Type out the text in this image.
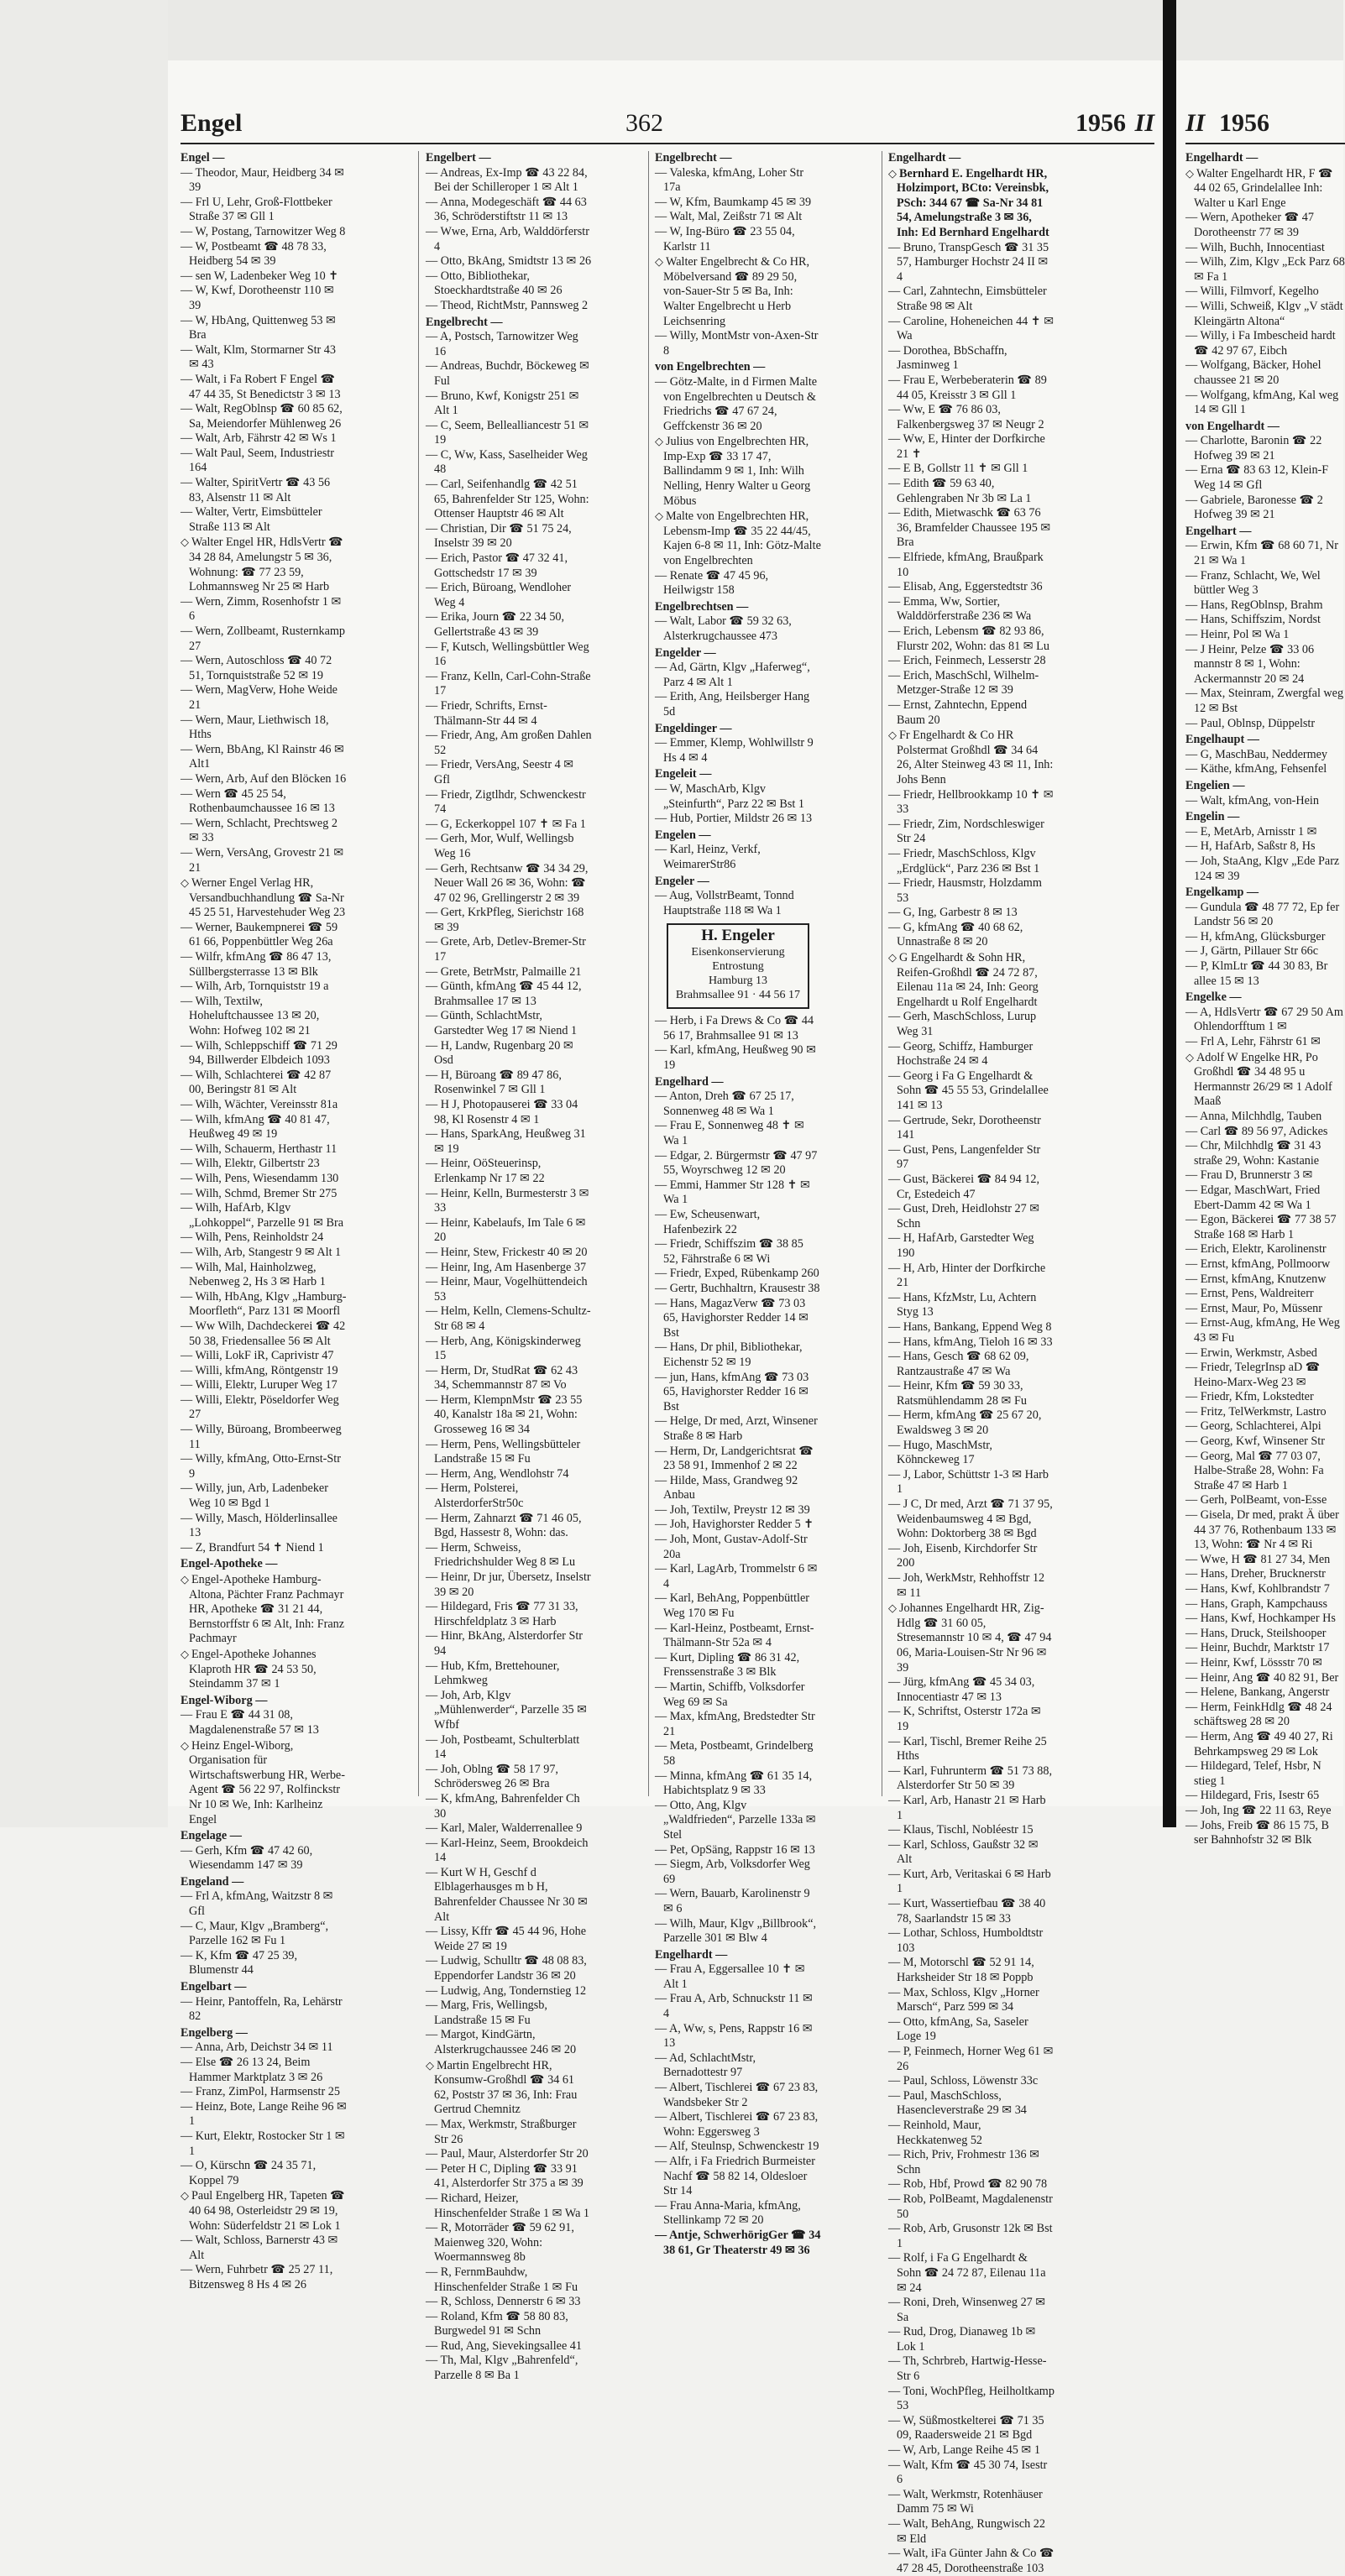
Engel	362	1956 II II 1956
Engel —
— Theodor, Maur, Heidberg 34 ✉ 39
— Frl U, Lehr, Groß-Flottbeker Straße 37 ✉ Gll 1
— W, Postang, Tarnowitzer Weg 8
— W, Postbeamt ☎ 48 78 33, Heidberg 54 ✉ 39
— sen W, Ladenbeker Weg 10 ✝
— W, Kwf, Dorotheenstr 110 ✉ 39
— W, HbAng, Quittenweg 53 ✉ Bra
— Walt, Klm, Stormarner Str 43 ✉ 43
— Walt, i Fa Robert F Engel ☎ 47 44 35, St Benedictstr 3 ✉ 13
— Walt, RegOblnsp ☎ 60 85 62, Sa, Meiendorfer Mühlenweg 26
— Walt, Arb, Fährstr 42 ✉ Ws 1
— Walt Paul, Seem, Industriestr 164
— Walter, SpiritVertr ☎ 43 56 83, Alsenstr 11 ✉ Alt
— Walter, Vertr, Eimsbütteler Straße 113 ✉ Alt
◇ Walter Engel HR, HdlsVertr ☎ 34 28 84, Amelungstr 5 ✉ 36, Wohnung: ☎ 77 23 59, Lohmannsweg Nr 25 ✉ Harb
— Wern, Zimm, Rosenhofstr 1 ✉ 6
— Wern, Zollbeamt, Rusternkamp 27
— Wern, Autoschloss ☎ 40 72 51, Tornquiststraße 52 ✉ 19
— Wern, MagVerw, Hohe Weide 21
— Wern, Maur, Liethwisch 18, Hths
— Wern, BbAng, Kl Rainstr 46 ✉ Alt1
— Wern, Arb, Auf den Blöcken 16
— Wern ☎ 45 25 54, Rothenbaumchaussee 16 ✉ 13
— Wern, Schlacht, Prechtsweg 2 ✉ 33
— Wern, VersAng, Grovestr 21 ✉ 21
◇ Werner Engel Verlag HR, Versandbuchhandlung ☎ Sa-Nr 45 25 51, Harvestehuder Weg 23
— Werner, Baukempnerei ☎ 59 61 66, Poppenbüttler Weg 26a
— Wilfr, kfmAng ☎ 86 47 13, Süllbergsterrasse 13 ✉ Blk
— Wilh, Arb, Tornquiststr 19 a
— Wilh, Textilw, Hoheluftchaussee 13 ✉ 20, Wohn: Hofweg 102 ✉ 21
— Wilh, Schleppschiff ☎ 71 29 94, Billwerder Elbdeich 1093
— Wilh, Schlachterei ☎ 42 87 00, Beringstr 81 ✉ Alt
— Wilh, Wächter, Vereinsstr 81a
— Wilh, kfmAng ☎ 40 81 47, Heußweg 49 ✉ 19
— Wilh, Schauerm, Herthastr 11
— Wilh, Elektr, Gilbertstr 23
— Wilh, Pens, Wiesendamm 130
— Wilh, Schmd, Bremer Str 275
— Wilh, HafArb, Klgv „Lohkoppel“, Parzelle 91 ✉ Bra
— Wilh, Pens, Reinholdstr 24
— Wilh, Arb, Stangestr 9 ✉ Alt 1
— Wilh, Mal, Hainholzweg, Nebenweg 2, Hs 3 ✉ Harb 1
— Wilh, HbAng, Klgv „Hamburg-Moorfleth“, Parz 131 ✉ Moorfl
— Ww Wilh, Dachdeckerei ☎ 42 50 38, Friedensallee 56 ✉ Alt
— Willi, LokF iR, Caprivistr 47
— Willi, kfmAng, Röntgenstr 19
— Willi, Elektr, Luruper Weg 17
— Willi, Elektr, Pöseldorfer Weg 27
— Willy, Büroang, Brombeerweg 11
— Willy, kfmAng, Otto-Ernst-Str 9
— Willy, jun, Arb, Ladenbeker Weg 10 ✉ Bgd 1
— Willy, Masch, Hölderlinsallee 13
— Z, Brandfurt 54 ✝ Niend 1
Engel-Apotheke —
◇ Engel-Apotheke Hamburg-Altona, Pächter Franz Pachmayr HR, Apotheke ☎ 31 21 44, Bernstorffstr 6 ✉ Alt, Inh: Franz Pachmayr
◇ Engel-Apotheke Johannes Klaproth HR ☎ 24 53 50, Steindamm 37 ✉ 1
Engel-Wiborg —
— Frau E ☎ 44 31 08, Magdalenenstraße 57 ✉ 13
◇ Heinz Engel-Wiborg, Organisation für Wirtschaftswerbung HR, Werbe-Agent ☎ 56 22 97, Rolfinckstr Nr 10 ✉ We, Inh: Karlheinz Engel
Engelage —
— Gerh, Kfm ☎ 47 42 60, Wiesendamm 147 ✉ 39
Engeland —
— Frl A, kfmAng, Waitzstr 8 ✉ Gfl
— C, Maur, Klgv „Bramberg“, Parzelle 162 ✉ Fu 1
— K, Kfm ☎ 47 25 39, Blumenstr 44
Engelbart —
— Heinr, Pantoffeln, Ra, Lehärstr 82
Engelberg —
— Anna, Arb, Deichstr 34 ✉ 11
— Else ☎ 26 13 24, Beim Hammer Marktplatz 3 ✉ 26
— Franz, ZimPol, Harmsenstr 25
— Heinz, Bote, Lange Reihe 96 ✉ 1
— Kurt, Elektr, Rostocker Str 1 ✉ 1
— O, Kürschn ☎ 24 35 71, Koppel 79
◇ Paul Engelberg HR, Tapeten ☎ 40 64 98, Osterleidstr 29 ✉ 19, Wohn: Süderfeldstr 21 ✉ Lok 1
— Walt, Schloss, Barnerstr 43 ✉ Alt
— Wern, Fuhrbetr ☎ 25 27 11, Bitzensweg 8 Hs 4 ✉ 26
Engelbert —
— Andreas, Ex-Imp ☎ 43 22 84, Bei der Schilleroper 1 ✉ Alt 1
— Anna, Modegeschäft ☎ 44 63 36, Schröderstiftstr 11 ✉ 13
— Wwe, Erna, Arb, Walddörferstr 4
— Otto, BkAng, Smidtstr 13 ✉ 26
— Otto, Bibliothekar, Stoeckhardtstraße 40 ✉ 26
— Theod, RichtMstr, Pannsweg 2
Engelbrecht —
— A, Postsch, Tarnowitzer Weg 16
— Andreas, Buchdr, Böckeweg ✉ Ful
— Bruno, Kwf, Konigstr 251 ✉ Alt 1
— C, Seem, Bellealliancestr 51 ✉ 19
— C, Ww, Kass, Saselheider Weg 48
— Carl, Seifenhandlg ☎ 42 51 65, Bahrenfelder Str 125, Wohn: Ottenser Hauptstr 46 ✉ Alt
— Christian, Dir ☎ 51 75 24, Inselstr 39 ✉ 20
— Erich, Pastor ☎ 47 32 41, Gottschedstr 17 ✉ 39
— Erich, Büroang, Wendloher Weg 4
— Erika, Journ ☎ 22 34 50, Gellertstraße 43 ✉ 39
— F, Kutsch, Wellingsbüttler Weg 16
— Franz, Kelln, Carl-Cohn-Straße 17
— Friedr, Schrifts, Ernst-Thälmann-Str 44 ✉ 4
— Friedr, Ang, Am großen Dahlen 52
— Friedr, VersAng, Seestr 4 ✉ Gfl
— Friedr, Zigtlhdr, Schwenckestr 74
— G, Eckerkoppel 107 ✝ ✉ Fa 1
— Gerh, Mor, Wulf, Wellingsb Weg 16
— Gerh, Rechtsanw ☎ 34 34 29, Neuer Wall 26 ✉ 36, Wohn: ☎ 47 02 96, Grellingerstr 2 ✉ 39
— Gert, KrkPfleg, Sierichstr 168 ✉ 39
— Grete, Arb, Detlev-Bremer-Str 17
— Grete, BetrMstr, Palmaille 21
— Günth, kfmAng ☎ 45 44 12, Brahmsallee 17 ✉ 13
— Günth, SchlachtMstr, Garstedter Weg 17 ✉ Niend 1
— H, Landw, Rugenbarg 20 ✉ Osd
— H, Büroang ☎ 89 47 86, Rosenwinkel 7 ✉ Gll 1
— H J, Photopauserei ☎ 33 04 98, Kl Rosenstr 4 ✉ 1
— Hans, SparkAng, Heußweg 31 ✉ 19
— Heinr, OöSteuerinsp, Erlenkamp Nr 17 ✉ 22
— Heinr, Kelln, Burmesterstr 3 ✉ 33
— Heinr, Kabelaufs, Im Tale 6 ✉ 20
— Heinr, Stew, Frickestr 40 ✉ 20
— Heinr, Ing, Am Hasenberge 37
— Heinr, Maur, Vogelhüttendeich 53
— Helm, Kelln, Clemens-Schultz-Str 68 ✉ 4
— Herb, Ang, Königskinderweg 15
— Herm, Dr, StudRat ☎ 62 43 34, Schemmannstr 87 ✉ Vo
— Herm, KlempnMstr ☎ 23 55 40, Kanalstr 18a ✉ 21, Wohn: Grosseweg 16 ✉ 34
— Herm, Pens, Wellingsbütteler Landstraße 15 ✉ Fu
— Herm, Ang, Wendlohstr 74
— Herm, Polsterei, AlsterdorferStr50c
— Herm, Zahnarzt ☎ 71 46 05, Bgd, Hassestr 8, Wohn: das.
— Herm, Schweiss, Friedrichshulder Weg 8 ✉ Lu
— Heinr, Dr jur, Übersetz, Inselstr 39 ✉ 20
— Hildegard, Fris ☎ 77 31 33, Hirschfeldplatz 3 ✉ Harb
— Hinr, BkAng, Alsterdorfer Str 94
— Hub, Kfm, Brettehouner, Lehmkweg
— Joh, Arb, Klgv „Mühlenwerder“, Parzelle 35 ✉ Wfbf
— Joh, Postbeamt, Schulterblatt 14
— Joh, Oblng ☎ 58 17 97, Schrödersweg 26 ✉ Bra
— K, kfmAng, Bahrenfelder Ch 30
— Karl, Maler, Walderrenallee 9
— Karl-Heinz, Seem, Brookdeich 14
— Kurt W H, Geschf d Elblagerhausges m b H, Bahrenfelder Chaussee Nr 30 ✉ Alt
— Lissy, Kffr ☎ 45 44 96, Hohe Weide 27 ✉ 19
— Ludwig, Schulltr ☎ 48 08 83, Eppendorfer Landstr 36 ✉ 20
— Ludwig, Ang, Tondernstieg 12
— Marg, Fris, Wellingsb, Landstraße 15 ✉ Fu
— Margot, KindGärtn, Alsterkrugchaussee 246 ✉ 20
◇ Martin Engelbrecht HR, Konsumw-Großhdl ☎ 34 61 62, Poststr 37 ✉ 36, Inh: Frau Gertrud Chemnitz
— Max, Werkmstr, Straßburger Str 26
— Paul, Maur, Alsterdorfer Str 20
— Peter H C, Dipling ☎ 33 91 41, Alsterdorfer Str 375 a ✉ 39
— Richard, Heizer, Hinschenfelder Straße 1 ✉ Wa 1
— R, Motorräder ☎ 59 62 91, Maienweg 320, Wohn: Woermannsweg 8b
— R, FernmBauhdw, Hinschenfelder Straße 1 ✉ Fu
— R, Schloss, Dennerstr 6 ✉ 33
— Roland, Kfm ☎ 58 80 83, Burgwedel 91 ✉ Schn
— Rud, Ang, Sievekingsallee 41
— Th, Mal, Klgv „Bahrenfeld“, Parzelle 8 ✉ Ba 1
Engelbrecht —
— Valeska, kfmAng, Loher Str 17a
— W, Kfm, Baumkamp 45 ✉ 39
— Walt, Mal, Zeißstr 71 ✉ Alt
— W, Ing-Büro ☎ 23 55 04, Karlstr 11
◇ Walter Engelbrecht & Co HR, Möbelversand ☎ 89 29 50, von-Sauer-Str 5 ✉ Ba, Inh: Walter Engelbrecht u Herb Leichsenring
— Willy, MontMstr von-Axen-Str 8
von Engelbrechten —
— Götz-Malte, in d Firmen Malte von Engelbrechten u Deutsch & Friedrichs ☎ 47 67 24, Geffckenstr 36 ✉ 20
◇ Julius von Engelbrechten HR, Imp-Exp ☎ 33 17 47, Ballindamm 9 ✉ 1, Inh: Wilh Nelling, Henry Walter u Georg Möbus
◇ Malte von Engelbrechten HR, Lebensm-Imp ☎ 35 22 44/45, Kajen 6-8 ✉ 11, Inh: Götz-Malte von Engelbrechten
— Renate ☎ 47 45 96, Heilwigstr 158
Engelbrechtsen —
— Walt, Labor ☎ 59 32 63, Alsterkrugchaussee 473
Engelder —
— Ad, Gärtn, Klgv „Haferweg“, Parz 4 ✉ Alt 1
— Erith, Ang, Heilsberger Hang 5d
Engeldinger —
— Emmer, Klemp, Wohlwillstr 9 Hs 4 ✉ 4
Engeleit —
— W, MaschArb, Klgv „Steinfurth“, Parz 22 ✉ Bst 1
— Hub, Portier, Mildstr 26 ✉ 13
Engelen —
— Karl, Heinz, Verkf, WeimarerStr86
Engeler —
— Aug, VollstrBeamt, Tonnd Hauptstraße 118 ✉ Wa 1
H. Engeler
Eisenkonservierung
Entrostung
Hamburg 13
Brahmsallee 91 · 44 56 17
— Herb, i Fa Drews & Co ☎ 44 56 17, Brahmsallee 91 ✉ 13
— Karl, kfmAng, Heußweg 90 ✉ 19
Engelhard —
— Anton, Dreh ☎ 67 25 17, Sonnenweg 48 ✉ Wa 1
— Frau E, Sonnenweg 48 ✝ ✉ Wa 1
— Edgar, 2. Bürgermstr ☎ 47 97 55, Woyrschweg 12 ✉ 20
— Emmi, Hammer Str 128 ✝ ✉ Wa 1
— Ew, Scheusenwart, Hafenbezirk 22
— Friedr, Schiffszim ☎ 38 85 52, Fährstraße 6 ✉ Wi
— Friedr, Exped, Rübenkamp 260
— Gertr, Buchhaltrn, Krausestr 38
— Hans, MagazVerw ☎ 73 03 65, Havighorster Redder 14 ✉ Bst
— Hans, Dr phil, Bibliothekar, Eichenstr 52 ✉ 19
— jun, Hans, kfmAng ☎ 73 03 65, Havighorster Redder 16 ✉ Bst
— Helge, Dr med, Arzt, Winsener Straße 8 ✉ Harb
— Herm, Dr, Landgerichtsrat ☎ 23 58 91, Immenhof 2 ✉ 22
— Hilde, Mass, Grandweg 92 Anbau
— Joh, Textilw, Preystr 12 ✉ 39
— Joh, Havighorster Redder 5 ✝
— Joh, Mont, Gustav-Adolf-Str 20a
— Karl, LagArb, Trommelstr 6 ✉ 4
— Karl, BehAng, Poppenbüttler Weg 170 ✉ Fu
— Karl-Heinz, Postbeamt, Ernst-Thälmann-Str 52a ✉ 4
— Kurt, Dipling ☎ 86 31 42, Frenssenstraße 3 ✉ Blk
— Martin, Schiffb, Volksdorfer Weg 69 ✉ Sa
— Max, kfmAng, Bredstedter Str 21
— Meta, Postbeamt, Grindelberg 58
— Minna, kfmAng ☎ 61 35 14, Habichtsplatz 9 ✉ 33
— Otto, Ang, Klgv „Waldfrieden“, Parzelle 133a ✉ Stel
— Pet, OpSäng, Rappstr 16 ✉ 13
— Siegm, Arb, Volksdorfer Weg 69
— Wern, Bauarb, Karolinenstr 9 ✉ 6
— Wilh, Maur, Klgv „Billbrook“, Parzelle 301 ✉ Blw 4
Engelhardt —
— Frau A, Eggersallee 10 ✝ ✉ Alt 1
— Frau A, Arb, Schnuckstr 11 ✉ 4
— A, Ww, s, Pens, Rappstr 16 ✉ 13
— Ad, SchlachtMstr, Bernadottestr 97
— Albert, Tischlerei ☎ 67 23 83, Wandsbeker Str 2
— Albert, Tischlerei ☎ 67 23 83, Wohn: Eggersweg 3
— Alf, Steulnsp, Schwenckestr 19
— Alfr, i Fa Friedrich Burmeister Nachf ☎ 58 82 14, Oldesloer Str 14
— Frau Anna-Maria, kfmAng, Stellinkamp 72 ✉ 20
— Antje, SchwerhörigGer ☎ 34 38 61, Gr Theaterstr 49 ✉ 36
Engelhardt —
◇ Bernhard E. Engelhardt HR, Holzimport, BCto: Vereinsbk, PSch: 344 67 ☎ Sa-Nr 34 81 54, Amelungstraße 3 ✉ 36, Inh: Ed Bernhard Engelhardt
— Bruno, TranspGesch ☎ 31 35 57, Hamburger Hochstr 24 II ✉ 4
— Carl, Zahntechn, Eimsbütteler Straße 98 ✉ Alt
— Caroline, Hoheneichen 44 ✝ ✉ Wa
— Dorothea, BbSchaffn, Jasminweg 1
— Frau E, Werbeberaterin ☎ 89 44 05, Kreisstr 3 ✉ Gll 1
— Ww, E ☎ 76 86 03, Falkenbergsweg 37 ✉ Neugr 2
— Ww, E, Hinter der Dorfkirche 21 ✝
— E B, Gollstr 11 ✝ ✉ Gll 1
— Edith ☎ 59 63 40, Gehlengraben Nr 3b ✉ La 1
— Edith, Mietwaschk ☎ 63 76 36, Bramfelder Chaussee 195 ✉ Bra
— Elfriede, kfmAng, Braußpark 10
— Elisab, Ang, Eggerstedtstr 36
— Emma, Ww, Sortier, Walddörferstraße 236 ✉ Wa
— Erich, Lebensm ☎ 82 93 86, Flurstr 202, Wohn: das 81 ✉ Lu
— Erich, Feinmech, Lesserstr 28
— Erich, MaschSchl, Wilhelm-Metzger-Straße 12 ✉ 39
— Ernst, Zahntechn, Eppend Baum 20
◇ Fr Engelhardt & Co HR Polstermat Großhdl ☎ 34 64 26, Alter Steinweg 43 ✉ 11, Inh: Johs Benn
— Friedr, Hellbrookkamp 10 ✝ ✉ 33
— Friedr, Zim, Nordschleswiger Str 24
— Friedr, MaschSchloss, Klgv „Erdglück“, Parz 236 ✉ Bst 1
— Friedr, Hausmstr, Holzdamm 53
— G, Ing, Garbestr 8 ✉ 13
— G, kfmAng ☎ 40 68 62, Unnastraße 8 ✉ 20
◇ G Engelhardt & Sohn HR, Reifen-Großhdl ☎ 24 72 87, Eilenau 11a ✉ 24, Inh: Georg Engelhardt u Rolf Engelhardt
— Gerh, MaschSchloss, Lurup Weg 31
— Georg, Schiffz, Hamburger Hochstraße 24 ✉ 4
— Georg i Fa G Engelhardt & Sohn ☎ 45 55 53, Grindelallee 141 ✉ 13
— Gertrude, Sekr, Dorotheenstr 141
— Gust, Pens, Langenfelder Str 97
— Gust, Bäckerei ☎ 84 94 12, Cr, Estedeich 47
— Gust, Dreh, Heidlohstr 27 ✉ Schn
— H, HafArb, Garstedter Weg 190
— H, Arb, Hinter der Dorfkirche 21
— Hans, KfzMstr, Lu, Achtern Styg 13
— Hans, Bankang, Eppend Weg 8
— Hans, kfmAng, Tieloh 16 ✉ 33
— Hans, Gesch ☎ 68 62 09, Rantzaustraße 47 ✉ Wa
— Heinr, Kfm ☎ 59 30 33, Ratsmühlendamm 28 ✉ Fu
— Herm, kfmAng ☎ 25 67 20, Ewaldsweg 3 ✉ 20
— Hugo, MaschMstr, Köhnckeweg 17
— J, Labor, Schüttstr 1-3 ✉ Harb 1
— J C, Dr med, Arzt ☎ 71 37 95, Weidenbaumsweg 4 ✉ Bgd, Wohn: Doktorberg 38 ✉ Bgd
— Joh, Eisenb, Kirchdorfer Str 200
— Joh, WerkMstr, Rehhoffstr 12 ✉ 11
◇ Johannes Engelhardt HR, Zig-Hdlg ☎ 31 60 05, Stresemannstr 10 ✉ 4, ☎ 47 94 06, Maria-Louisen-Str Nr 96 ✉ 39
— Jürg, kfmAng ☎ 45 34 03, Innocentiastr 47 ✉ 13
— K, Schriftst, Osterstr 172a ✉ 19
— Karl, Tischl, Bremer Reihe 25 Hths
— Karl, Fuhrunterm ☎ 51 73 88, Alsterdorfer Str 50 ✉ 39
— Karl, Arb, Hanastr 21 ✉ Harb 1
— Klaus, Tischl, Nobléestr 15
— Karl, Schloss, Gaußstr 32 ✉ Alt
— Kurt, Arb, Veritaskai 6 ✉ Harb 1
— Kurt, Wassertiefbau ☎ 38 40 78, Saarlandstr 15 ✉ 33
— Lothar, Schloss, Humboldtstr 103
— M, Motorschl ☎ 52 91 14, Harksheider Str 18 ✉ Poppb
— Max, Schloss, Klgv „Horner Marsch“, Parz 599 ✉ 34
— Otto, kfmAng, Sa, Saseler Loge 19
— P, Feinmech, Horner Weg 61 ✉ 26
— Paul, Schloss, Löwenstr 33c
— Paul, MaschSchloss, Hasencleverstraße 29 ✉ 34
— Reinhold, Maur, Heckkatenweg 52
— Rich, Priv, Frohmestr 136 ✉ Schn
— Rob, Hbf, Prowd ☎ 82 90 78
— Rob, PolBeamt, Magdalenenstr 50
— Rob, Arb, Grusonstr 12k ✉ Bst 1
— Rolf, i Fa G Engelhardt & Sohn ☎ 24 72 87, Eilenau 11a ✉ 24
— Roni, Dreh, Winsenweg 27 ✉ Sa
— Rud, Drog, Dianaweg 1b ✉ Lok 1
— Th, Schrbreb, Hartwig-Hesse-Str 6
— Toni, WochPfleg, Heilholtkamp 53
— W, Süßmostkelterei ☎ 71 35 09, Raadersweide 21 ✉ Bgd
— W, Arb, Lange Reihe 45 ✉ 1
— Walt, Kfm ☎ 45 30 74, Isestr 6
— Walt, Werkmstr, Rotenhäuser Damm 75 ✉ Wi
— Walt, BehAng, Rungwisch 22 ✉ Eld
— Walt, iFa Günter Jahn & Co ☎ 47 28 45, Dorotheenstraße 103
Engelhardt —
◇ Walter Engelhardt HR, F ☎ 44 02 65, Grindelallee Inh: Walter u Karl Enge
— Wern, Apotheker ☎ 47 Dorotheenstr 77 ✉ 39
— Wilh, Buchh, Innocentiast
— Wilh, Zim, Klgv „Eck Parz 68 ✉ Fa 1
— Willi, Filmvorf, Kegelho
— Willi, Schweiß, Klgv „V städt Kleingärtn Altona“
— Willy, i Fa Imbescheid hardt ☎ 42 97 67, Eibch
— Wolfgang, Bäcker, Hohel chaussee 21 ✉ 20
— Wolfgang, kfmAng, Kal weg 14 ✉ Gll 1
von Engelhardt —
— Charlotte, Baronin ☎ 22 Hofweg 39 ✉ 21
— Erna ☎ 83 63 12, Klein-F Weg 14 ✉ Gfl
— Gabriele, Baronesse ☎ 2 Hofweg 39 ✉ 21
Engelhart —
— Erwin, Kfm ☎ 68 60 71, Nr 21 ✉ Wa 1
— Franz, Schlacht, We, Wel büttler Weg 3
— Hans, RegOblnsp, Brahm
— Hans, Schiffszim, Nordst
— Heinr, Pol ✉ Wa 1
— J Heinr, Pelze ☎ 33 06 mannstr 8 ✉ 1, Wohn: Ackermannstr 20 ✉ 24
— Max, Steinram, Zwergfal weg 12 ✉ Bst
— Paul, Oblnsp, Düppelstr
Engelhaupt —
— G, MaschBau, Neddermey
— Käthe, kfmAng, Fehsenfel
Engelien —
— Walt, kfmAng, von-Hein
Engelin —
— E, MetArb, Arnisstr 1 ✉
— H, HafArb, Saßstr 8, Hs
— Joh, StaAng, Klgv „Ede Parz 124 ✉ 39
Engelkamp —
— Gundula ☎ 48 77 72, Ep fer Landstr 56 ✉ 20
— H, kfmAng, Glücksburger
— J, Gärtn, Pillauer Str 66c
— P, KlmLtr ☎ 44 30 83, Br allee 15 ✉ 13
Engelke —
— A, HdlsVertr ☎ 67 29 50 Am Ohlendorfftum 1 ✉
— Frl A, Lehr, Fährstr 61 ✉
◇ Adolf W Engelke HR, Po Großhdl ☎ 34 48 95 u Hermannstr 26/29 ✉ 1 Adolf Maaß
— Anna, Milchhdlg, Tauben
— Carl ☎ 89 56 97, Adickes
— Chr, Milchhdlg ☎ 31 43 straße 29, Wohn: Kastanie
— Frau D, Brunnerstr 3 ✉
— Edgar, MaschWart, Fried Ebert-Damm 42 ✉ Wa 1
— Egon, Bäckerei ☎ 77 38 57 Straße 168 ✉ Harb 1
— Erich, Elektr, Karolinenstr
— Ernst, kfmAng, Pollmoorw
— Ernst, kfmAng, Knutzenw
— Ernst, Pens, Waldreiterr
— Ernst, Maur, Po, Müssenr
— Ernst-Aug, kfmAng, He Weg 43 ✉ Fu
— Erwin, Werkmstr, Asbed
— Friedr, TelegrInsp aD ☎ Heino-Marx-Weg 23 ✉
— Friedr, Kfm, Lokstedter
— Fritz, TelWerkmstr, Lastro
— Georg, Schlachterei, Alpi
— Georg, Kwf, Winsener Str
— Georg, Mal ☎ 77 03 07, Halbe-Straße 28, Wohn: Fa Straße 47 ✉ Harb 1
— Gerh, PolBeamt, von-Esse
— Gisela, Dr med, prakt Ä über 44 37 76, Rothenbaum 133 ✉ 13, Wohn: ☎ Nr 4 ✉ Ri
— Wwe, H ☎ 81 27 34, Men
— Hans, Dreher, Brucknerstr
— Hans, Kwf, Kohlbrandstr 7
— Hans, Graph, Kampchauss
— Hans, Kwf, Hochkamper Hs
— Hans, Druck, Steilshooper
— Heinr, Buchdr, Marktstr 17
— Heinr, Kwf, Lössstr 70 ✉
— Heinr, Ang ☎ 40 82 91, Ber
— Helene, Bankang, Angerstr
— Herm, FeinkHdlg ☎ 48 24 schäftsweg 28 ✉ 20
— Herm, Ang ☎ 49 40 27, Ri Behrkampsweg 29 ✉ Lok
— Hildegard, Telef, Hsbr, N stieg 1
— Hildegard, Fris, Isestr 65
— Joh, Ing ☎ 22 11 63, Reye
— Johs, Freib ☎ 86 15 75, B ser Bahnhofstr 32 ✉ Blk
